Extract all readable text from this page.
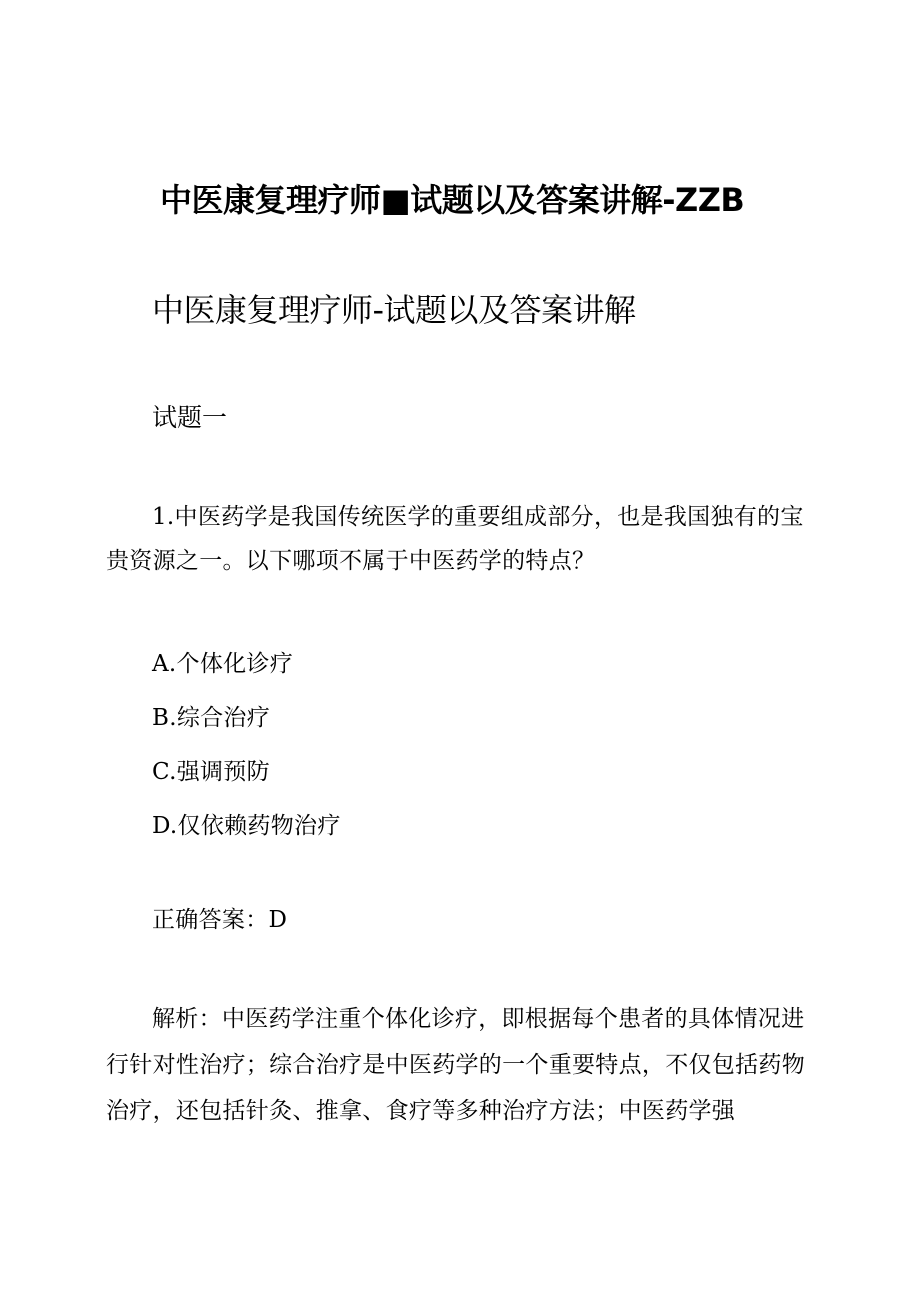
中医康复理疗师■试题以及答案讲解-ZZB
中医康复理疗师-试题以及答案讲解
试题一

1.中医药学是我国传统医学的重要组成部分，也是我国独有的宝贵资源之一。以下哪项不属于中医药学的特点？

A.个体化诊疗
B.综合治疗
C.强调预防
D.仅依赖药物治疗

正确答案：D

解析：中医药学注重个体化诊疗，即根据每个患者的具体情况进行针对性治疗；综合治疗是中医药学的一个重要特点，不仅包括药物治疗，还包括针灸、推拿、食疗等多种治疗方法；中医药学强
